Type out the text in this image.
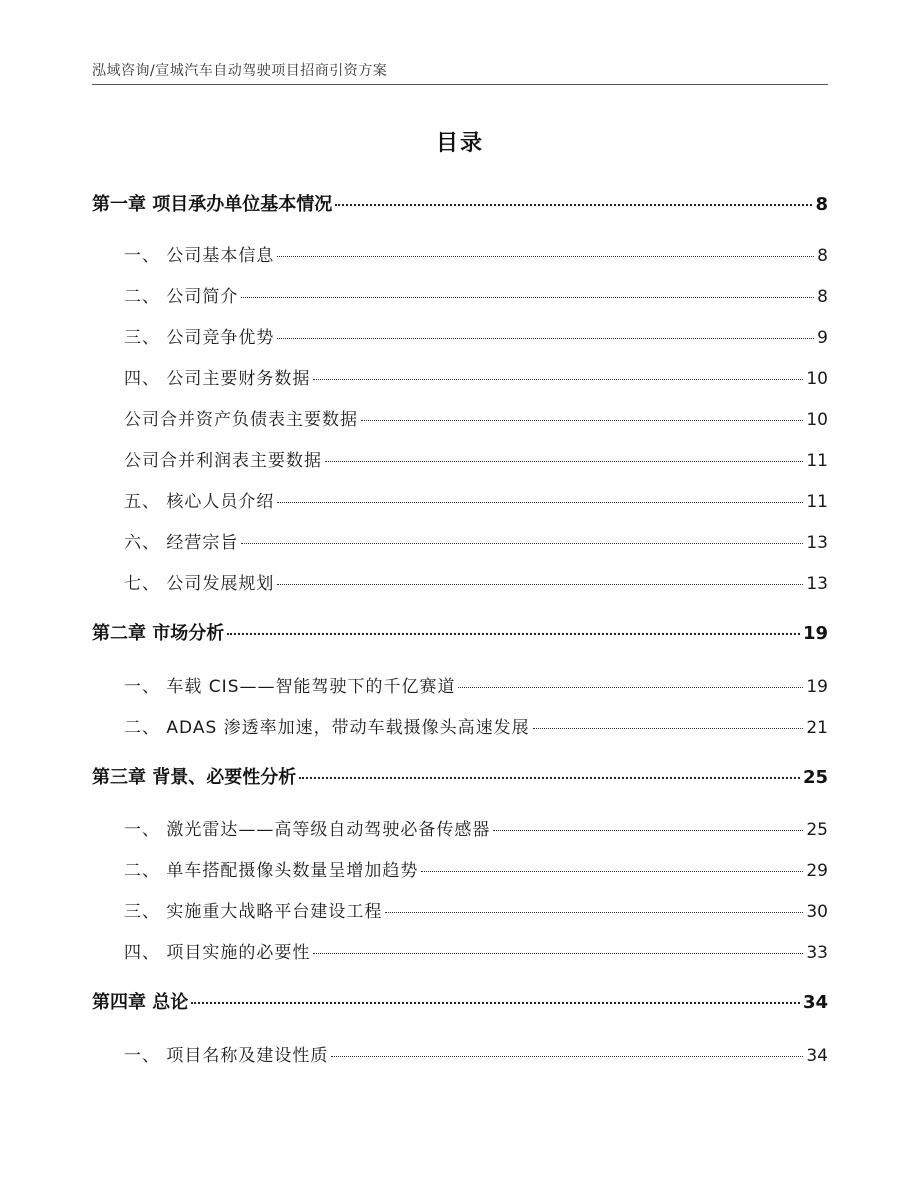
泓域咨询/宣城汽车自动驾驶项目招商引资方案
目录
第一章 项目承办单位基本情况	8
一、 公司基本信息	8
二、 公司简介	8
三、 公司竞争优势	9
四、 公司主要财务数据	10
公司合并资产负债表主要数据	10
公司合并利润表主要数据	11
五、 核心人员介绍	11
六、 经营宗旨	13
七、 公司发展规划	13
第二章 市场分析	19
一、 车载 CIS——智能驾驶下的千亿赛道	19
二、 ADAS 渗透率加速，带动车载摄像头高速发展	21
第三章 背景、必要性分析	25
一、 激光雷达——高等级自动驾驶必备传感器	25
二、 单车搭配摄像头数量呈增加趋势	29
三、 实施重大战略平台建设工程	30
四、 项目实施的必要性	33
第四章 总论	34
一、 项目名称及建设性质	34
